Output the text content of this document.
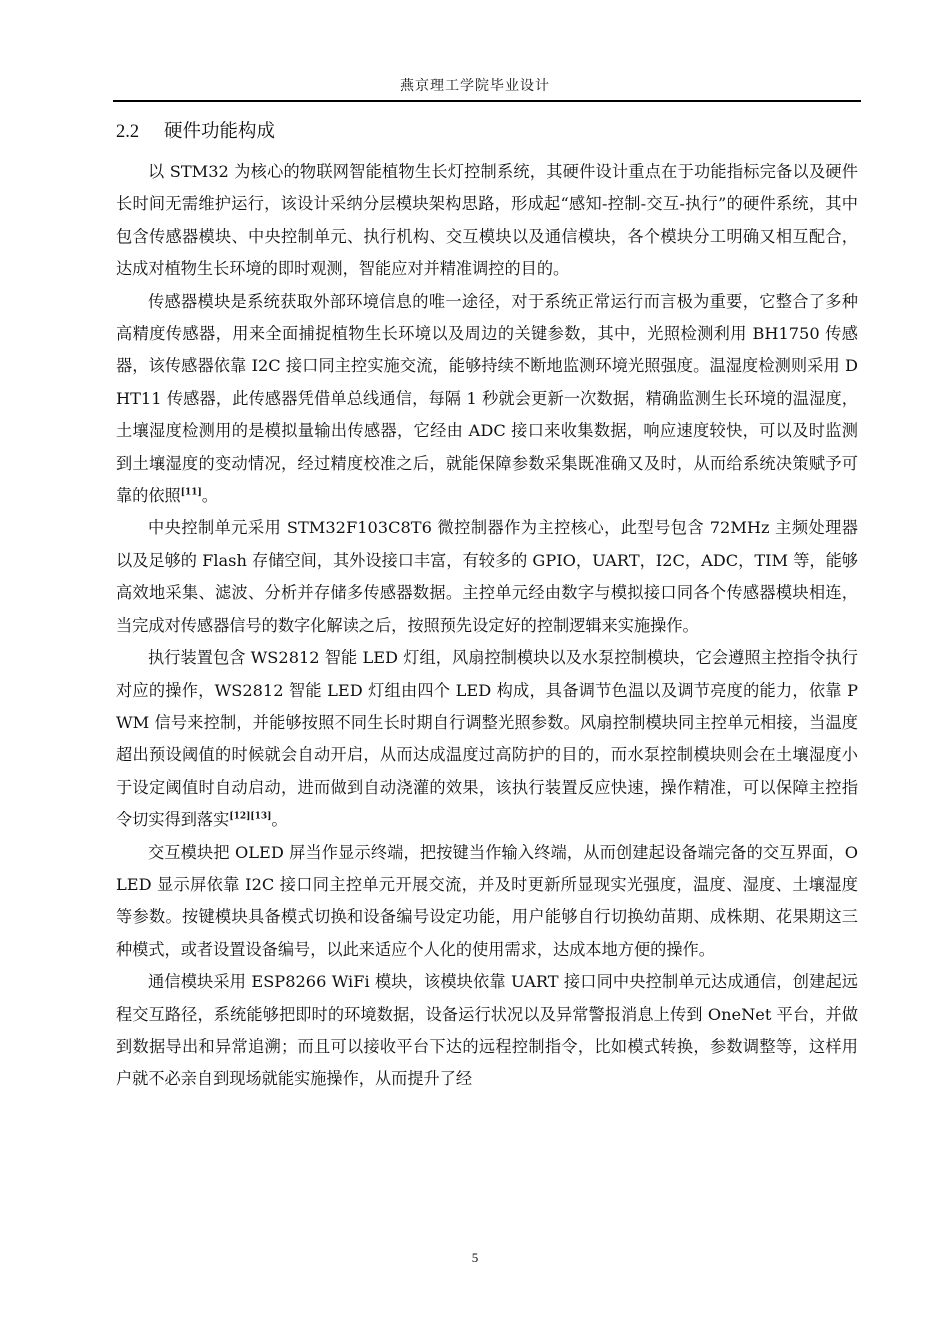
燕京理工学院毕业设计
2.2 硬件功能构成

以 STM32 为核心的物联网智能植物生长灯控制系统，其硬件设计重点在于功能指标完备以及硬件长时间无需维护运行，该设计采纳分层模块架构思路，形成起“感知-控制-交互-执行”的硬件系统，其中包含传感器模块、中央控制单元、执行机构、交互模块以及通信模块，各个模块分工明确又相互配合，达成对植物生长环境的即时观测，智能应对并精准调控的目的。

传感器模块是系统获取外部环境信息的唯一途径，对于系统正常运行而言极为重要，它整合了多种高精度传感器，用来全面捕捉植物生长环境以及周边的关键参数，其中，光照检测利用 BH1750 传感器，该传感器依靠 I2C 接口同主控实施交流，能够持续不断地监测环境光照强度。温湿度检测则采用 DHT11 传感器，此传感器凭借单总线通信，每隔 1 秒就会更新一次数据，精确监测生长环境的温湿度，土壤湿度检测用的是模拟量输出传感器，它经由 ADC 接口来收集数据，响应速度较快，可以及时监测到土壤湿度的变动情况，经过精度校准之后，就能保障参数采集既准确又及时，从而给系统决策赋予可靠的依照[11]。

中央控制单元采用 STM32F103C8T6 微控制器作为主控核心，此型号包含 72MHz 主频处理器以及足够的 Flash 存储空间，其外设接口丰富，有较多的 GPIO，UART，I2C，ADC，TIM 等，能够高效地采集、滤波、分析并存储多传感器数据。主控单元经由数字与模拟接口同各个传感器模块相连，当完成对传感器信号的数字化解读之后，按照预先设定好的控制逻辑来实施操作。

执行装置包含 WS2812 智能 LED 灯组，风扇控制模块以及水泵控制模块，它会遵照主控指令执行对应的操作，WS2812 智能 LED 灯组由四个 LED 构成，具备调节色温以及调节亮度的能力，依靠 PWM 信号来控制，并能够按照不同生长时期自行调整光照参数。风扇控制模块同主控单元相接，当温度超出预设阈值的时候就会自动开启，从而达成温度过高防护的目的，而水泵控制模块则会在土壤湿度小于设定阈值时自动启动，进而做到自动浇灌的效果，该执行装置反应快速，操作精准，可以保障主控指令切实得到落实[12][13]。

交互模块把 OLED 屏当作显示终端，把按键当作输入终端，从而创建起设备端完备的交互界面，OLED 显示屏依靠 I2C 接口同主控单元开展交流，并及时更新所显现实光强度，温度、湿度、土壤湿度等参数。按键模块具备模式切换和设备编号设定功能，用户能够自行切换幼苗期、成株期、花果期这三种模式，或者设置设备编号，以此来适应个人化的使用需求，达成本地方便的操作。

通信模块采用 ESP8266 WiFi 模块，该模块依靠 UART 接口同中央控制单元达成通信，创建起远程交互路径，系统能够把即时的环境数据，设备运行状况以及异常警报消息上传到 OneNet 平台，并做到数据导出和异常追溯；而且可以接收平台下达的远程控制指令，比如模式转换，参数调整等，这样用户就不必亲自到现场就能实施操作，从而提升了经

5
